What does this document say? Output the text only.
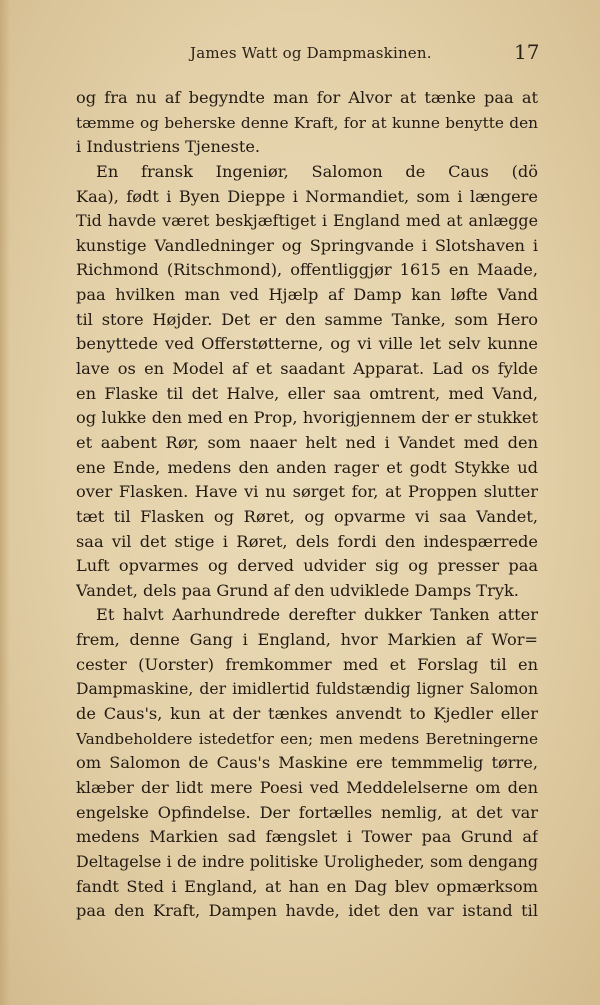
James Watt og Dampmaskinen.	17
og fra nu af begyndte man for Alvor at tænke paa at
tæmme og beherske denne Kraft, for at kunne benytte den
i Industriens Tjeneste.
En fransk Ingeniør, Salomon de Caus (dö
Kaa), født i Byen Dieppe i Normandiet, som i længere
Tid havde været beskjæftiget i England med at anlægge
kunstige Vandledninger og Springvande i Slotshaven i
Richmond (Ritschmond), offentliggjør 1615 en Maade,
paa hvilken man ved Hjælp af Damp kan løfte Vand
til store Højder. Det er den samme Tanke, som Hero
benyttede ved Offerstøtterne, og vi ville let selv kunne
lave os en Model af et saadant Apparat. Lad os fylde
en Flaske til det Halve, eller saa omtrent, med Vand,
og lukke den med en Prop, hvorigjennem der er stukket
et aabent Rør, som naaer helt ned i Vandet med den
ene Ende, medens den anden rager et godt Stykke ud
over Flasken. Have vi nu sørget for, at Proppen slutter
tæt til Flasken og Røret, og opvarme vi saa Vandet,
saa vil det stige i Røret, dels fordi den indespærrede
Luft opvarmes og derved udvider sig og presser paa
Vandet, dels paa Grund af den udviklede Damps Tryk.
Et halvt Aarhundrede derefter dukker Tanken atter
frem, denne Gang i England, hvor Markien af Wor=
cester (Uorster) fremkommer med et Forslag til en
Dampmaskine, der imidlertid fuldstændig ligner Salomon
de Caus's, kun at der tænkes anvendt to Kjedler eller
Vandbeholdere istedetfor een; men medens Beretningerne
om Salomon de Caus's Maskine ere temmmelig tørre,
klæber der lidt mere Poesi ved Meddelelserne om den
engelske Opfindelse. Der fortælles nemlig, at det var
medens Markien sad fængslet i Tower paa Grund af
Deltagelse i de indre politiske Uroligheder, som dengang
fandt Sted i England, at han en Dag blev opmærksom
paa den Kraft, Dampen havde, idet den var istand til
